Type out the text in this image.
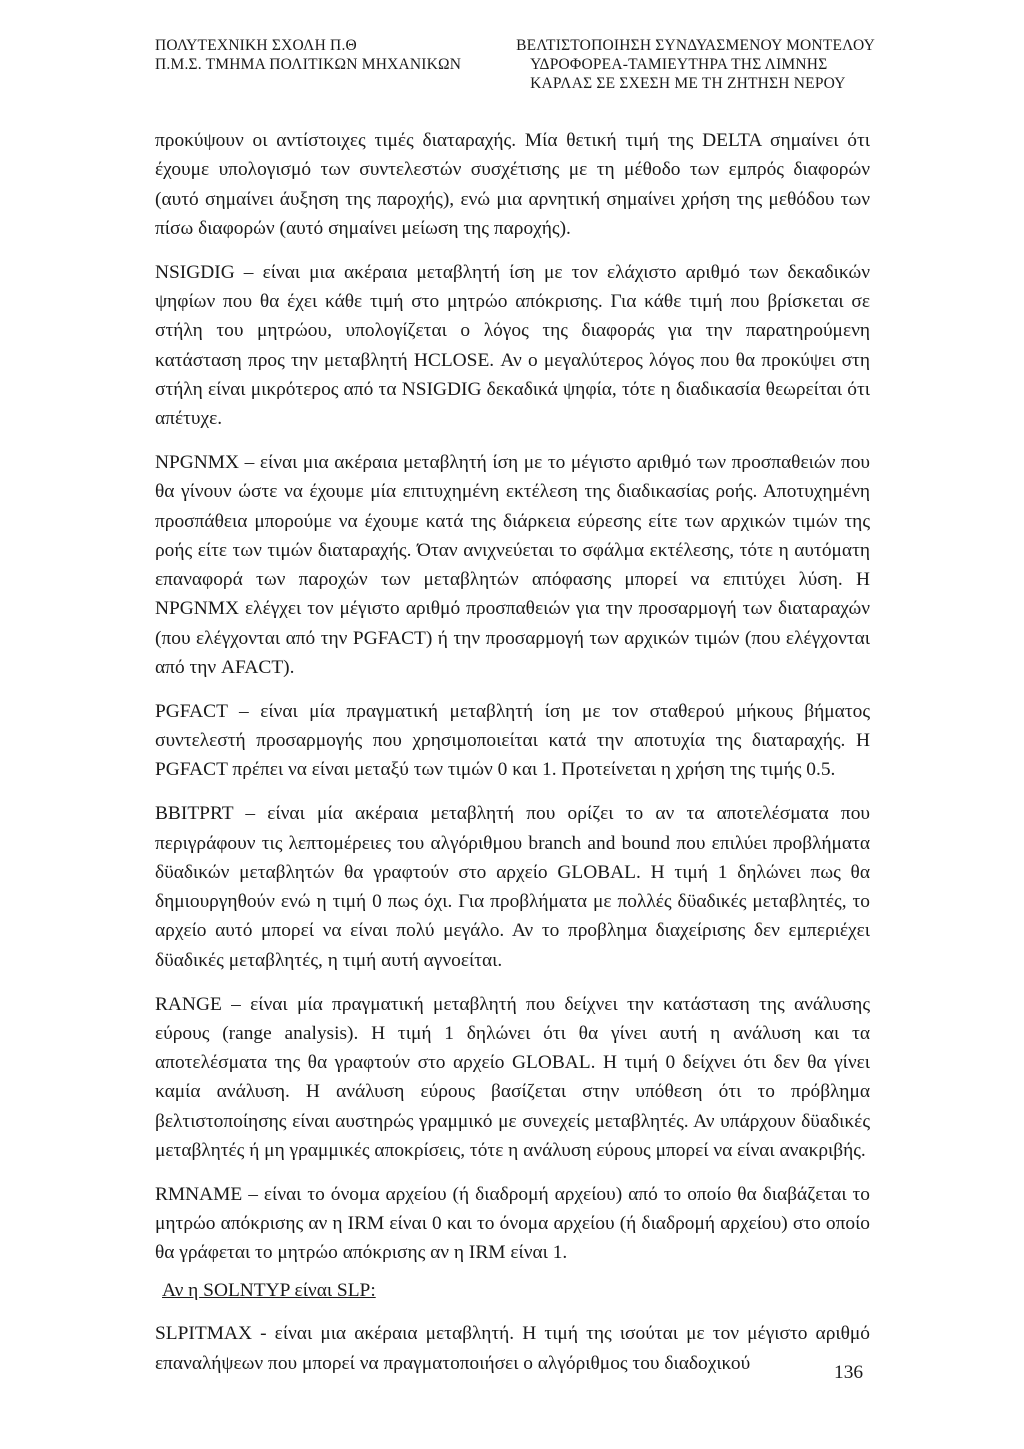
ΠΟΛΥΤΕΧΝΙΚΗ ΣΧΟΛΗ Π.Θ
Π.Μ.Σ. ΤΜΗΜΑ ΠΟΛΙΤΙΚΩΝ ΜΗΧΑΝΙΚΩΝ
ΒΕΛΤΙΣΤΟΠΟΙΗΣΗ ΣΥΝΔΥΑΣΜΕΝΟΥ ΜΟΝΤΕΛΟΥ
ΥΔΡΟΦΟΡΕΑ-ΤΑΜΙΕΥΤΗΡΑ ΤΗΣ ΛΙΜΝΗΣ
ΚΑΡΛΑΣ ΣΕ ΣΧΕΣΗ ΜΕ ΤΗ ΖΗΤΗΣΗ ΝΕΡΟΥ

προκύψουν οι αντίστοιχες τιμές διαταραχής. Μία θετική τιμή της DELTA σημαίνει ότι έχουμε υπολογισμό των συντελεστών συσχέτισης με τη μέθοδο των εμπρός διαφορών (αυτό σημαίνει άυξηση της παροχής), ενώ μια αρνητική σημαίνει χρήση της μεθόδου των πίσω διαφορών (αυτό σημαίνει μείωση της παροχής).

NSIGDIG – είναι μια ακέραια μεταβλητή ίση με τον ελάχιστο αριθμό των δεκαδικών ψηφίων που θα έχει κάθε τιμή στο μητρώο απόκρισης. Για κάθε τιμή που βρίσκεται σε στήλη του μητρώου, υπολογίζεται ο λόγος της διαφοράς για την παρατηρούμενη κατάσταση προς την μεταβλητή HCLOSE. Αν ο μεγαλύτερος λόγος που θα προκύψει στη στήλη είναι μικρότερος από τα NSIGDIG δεκαδικά ψηφία, τότε η διαδικασία θεωρείται ότι απέτυχε.

NPGNMX – είναι μια ακέραια μεταβλητή ίση με το μέγιστο αριθμό των προσπαθειών που θα γίνουν ώστε να έχουμε μία επιτυχημένη εκτέλεση της διαδικασίας ροής. Αποτυχημένη προσπάθεια μπορούμε να έχουμε κατά της διάρκεια εύρεσης είτε των αρχικών τιμών της ροής είτε των τιμών διαταραχής. Όταν ανιχνεύεται το σφάλμα εκτέλεσης, τότε η αυτόματη επαναφορά των παροχών των μεταβλητών απόφασης μπορεί να επιτύχει λύση. Η NPGNMX ελέγχει τον μέγιστο αριθμό προσπαθειών για την προσαρμογή των διαταραχών (που ελέγχονται από την PGFACT) ή την προσαρμογή των αρχικών τιμών (που ελέγχονται από την AFACT).

PGFACT – είναι μία πραγματική μεταβλητή ίση με τον σταθερού μήκους βήματος συντελεστή προσαρμογής που χρησιμοποιείται κατά την αποτυχία της διαταραχής. Η PGFACT πρέπει να είναι μεταξύ των τιμών 0 και 1. Προτείνεται η χρήση της τιμής 0.5.

BBITPRT – είναι μία ακέραια μεταβλητή που ορίζει το αν τα αποτελέσματα που περιγράφουν τις λεπτομέρειες του αλγόριθμου branch and bound που επιλύει προβλήματα δϋαδικών μεταβλητών θα γραφτούν στο αρχείο GLOBAL. Η τιμή 1 δηλώνει πως θα δημιουργηθούν ενώ η τιμή 0 πως όχι. Για προβλήματα με πολλές δϋαδικές μεταβλητές, το αρχείο αυτό μπορεί να είναι πολύ μεγάλο. Αν το προβλημα διαχείρισης δεν εμπεριέχει δϋαδικές μεταβλητές, η τιμή αυτή αγνοείται.

RANGE – είναι μία πραγματική μεταβλητή που δείχνει την κατάσταση της ανάλυσης εύρους (range analysis). Η τιμή 1 δηλώνει ότι θα γίνει αυτή η ανάλυση και τα αποτελέσματα της θα γραφτούν στο αρχείο GLOBAL. Η τιμή 0 δείχνει ότι δεν θα γίνει καμία ανάλυση. Η ανάλυση εύρους βασίζεται στην υπόθεση ότι το πρόβλημα βελτιστοποίησης είναι αυστηρώς γραμμικό με συνεχείς μεταβλητές. Αν υπάρχουν δϋαδικές μεταβλητές ή μη γραμμικές αποκρίσεις, τότε η ανάλυση εύρους μπορεί να είναι ανακριβής.

RMNAME – είναι το όνομα αρχείου (ή διαδρομή αρχείου) από το οποίο θα διαβάζεται το μητρώο απόκρισης αν η IRM είναι 0 και το όνομα αρχείου (ή διαδρομή αρχείου) στο οποίο θα γράφεται το μητρώο απόκρισης αν η IRM είναι 1.

Αν η SOLNTYP είναι SLP:

SLPITMAX - είναι μια ακέραια μεταβλητή. Η τιμή της ισούται με τον μέγιστο αριθμό επαναλήψεων που μπορεί να πραγματοποιήσει ο αλγόριθμος του διαδοχικού	136
